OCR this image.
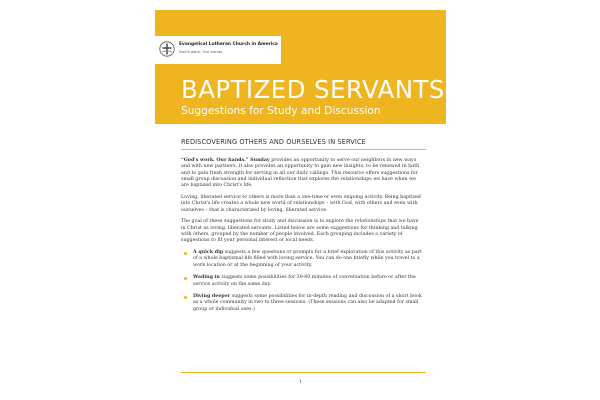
Evangelical Lutheran Church in America
God's work. Our hands.
BAPTIZED SERVANTS
Suggestions for Study and Discussion
REDISCOVERING OTHERS AND OURSELVES IN SERVICE

“God's work. Our hands.” Sunday provides an opportunity to serve our neighbors in new ways and with new partners. It also provides an opportunity to gain new insights, to be renewed in faith and to gain fresh strength for serving in all our daily callings. This resource offers suggestions for small group discussion and individual reflection that explores the relationships we have when we are baptized into Christ's life.

Loving, liberated service to others is more than a one-time or even ongoing activity. Being baptized into Christ's life creates a whole new world of relationships – with God, with others and even with ourselves – that is characterized by loving, liberated service.

The goal of these suggestions for study and discussion is to explore the relationships that we have in Christ as loving, liberated servants. Listed below are some suggestions for thinking and talking with others, grouped by the number of people involved. Each grouping includes a variety of suggestions to fit your personal interest or local needs.

A quick dip suggests a few questions or prompts for a brief exploration of this activity as part of a whole baptismal life filled with loving service. You can do one briefly while you travel to a work location or at the beginning of your activity.
Wading in suggests some possibilities for 30-60 minutes of conversation before or after the service activity on the same day.
Diving deeper suggests some possibilities for in-depth reading and discussion of a short book as a whole community in two to three sessions. (These sessions can also be adapted for small group or individual uses.)
1
